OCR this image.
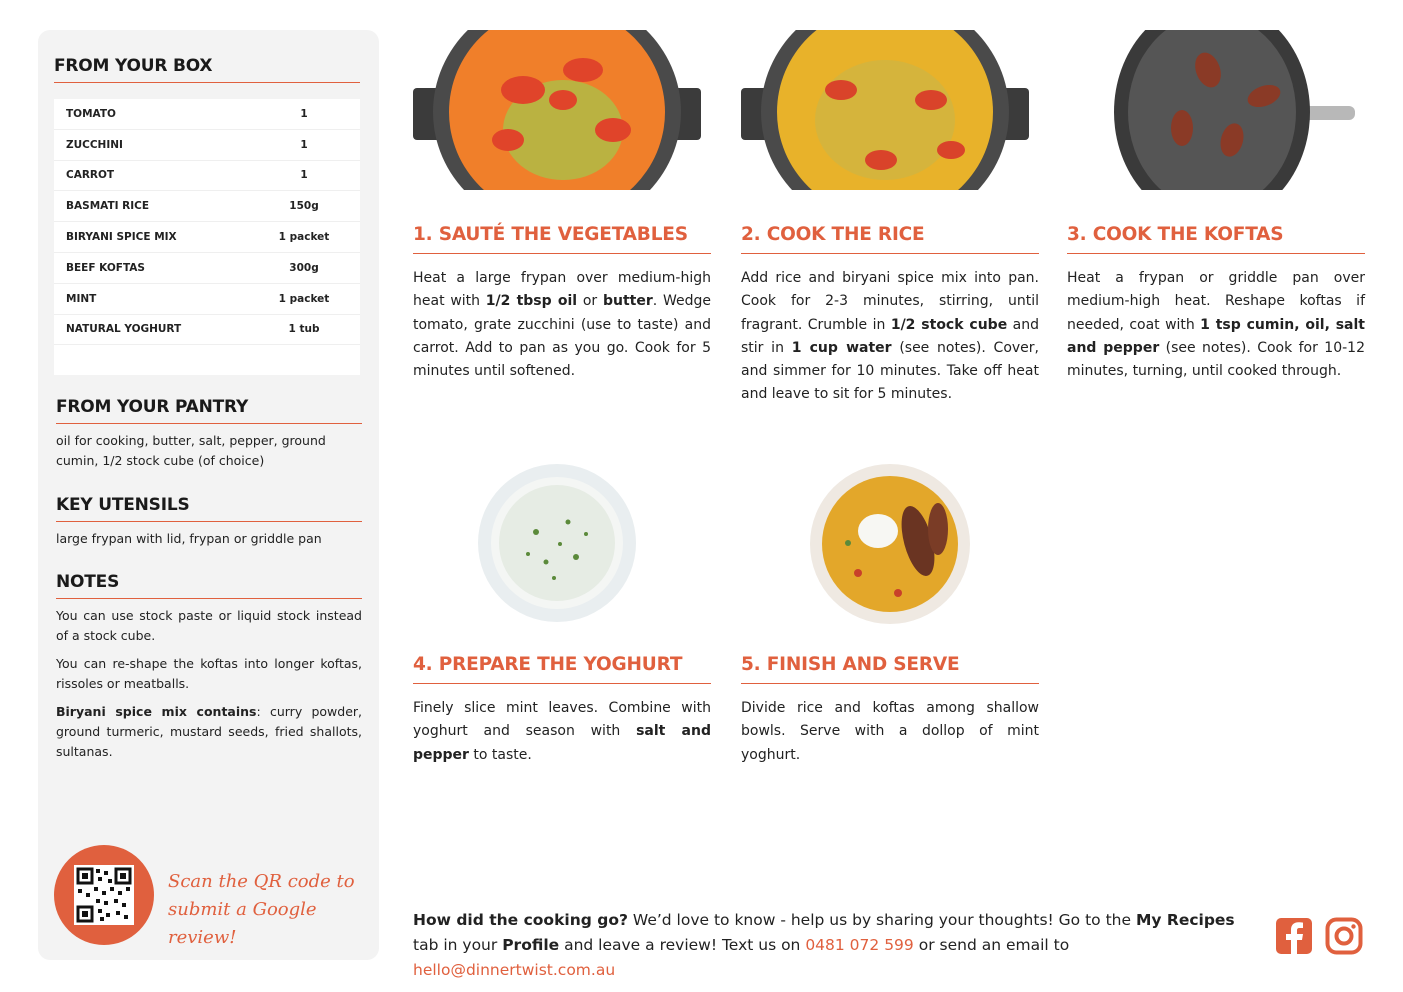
FROM YOUR BOX
TOMATO	1
ZUCCHINI	1
CARROT	1
BASMATI RICE	150g
BIRYANI SPICE MIX	1 packet
BEEF KOFTAS	300g
MINT	1 packet
NATURAL YOGHURT	1 tub
FROM YOUR PANTRY
oil for cooking, butter, salt, pepper, ground cumin, 1/2 stock cube (of choice)
KEY UTENSILS
large frypan with lid, frypan or griddle pan
NOTES

You can use stock paste or liquid stock instead of a stock cube.

You can re-shape the koftas into longer koftas, rissoles or meatballs.

Biryani spice mix contains: curry powder, ground turmeric, mustard seeds, fried shallots, sultanas.

Scan the QR code to
submit a Google review!
1. SAUTÉ THE VEGETABLES
Heat a large frypan over medium-high heat with 1/2 tbsp oil or butter. Wedge tomato, grate zucchini (use to taste) and carrot. Add to pan as you go. Cook for 5 minutes until softened.
2. COOK THE RICE
Add rice and biryani spice mix into pan. Cook for 2-3 minutes, stirring, until fragrant. Crumble in 1/2 stock cube and stir in 1 cup water (see notes). Cover, and simmer for 10 minutes. Take off heat and leave to sit for 5 minutes.
3. COOK THE KOFTAS
Heat a frypan or griddle pan over medium-high heat. Reshape koftas if needed, coat with 1 tsp cumin, oil, salt and pepper (see notes). Cook for 10-12 minutes, turning, until cooked through.
4. PREPARE THE YOGHURT
Finely slice mint leaves. Combine with yoghurt and season with salt and pepper to taste.
5. FINISH AND SERVE
Divide rice and koftas among shallow bowls. Serve with a dollop of mint yoghurt.
How did the cooking go? We’d love to know - help us by sharing your thoughts! Go to the My Recipes tab in your Profile and leave a review! Text us on 0481 072 599 or send an email to hello@dinnertwist.com.au
